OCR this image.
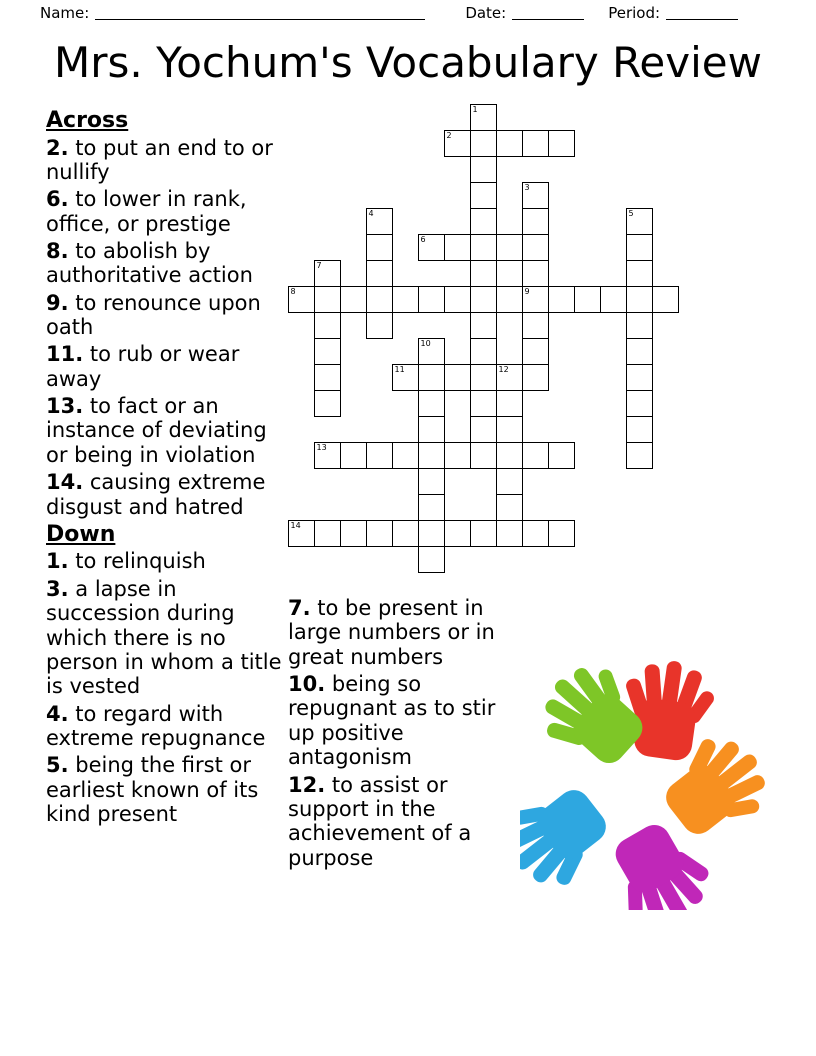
Name:	Date:	Period:
Mrs. Yochum's Vocabulary Review
Across
2. to put an end to or nullify
6. to lower in rank, office, or prestige
8. to abolish by authoritative action
9. to renounce upon oath
11. to rub or wear away
13. to fact or an instance of deviating or being in violation
14. causing extreme disgust and hatred
Down
1. to relinquish
3. a lapse in succession during which there is no person in whom a title is vested
4. to regard with extreme repugnance
5. being the first or earliest known of its kind present
7. to be present in large numbers or in great numbers
10. being so repugnant as to stir up positive antagonism
12. to assist or support in the achievement of a purpose
1
2
3
4	5
6
7
8	9
10
11	12
13
14
